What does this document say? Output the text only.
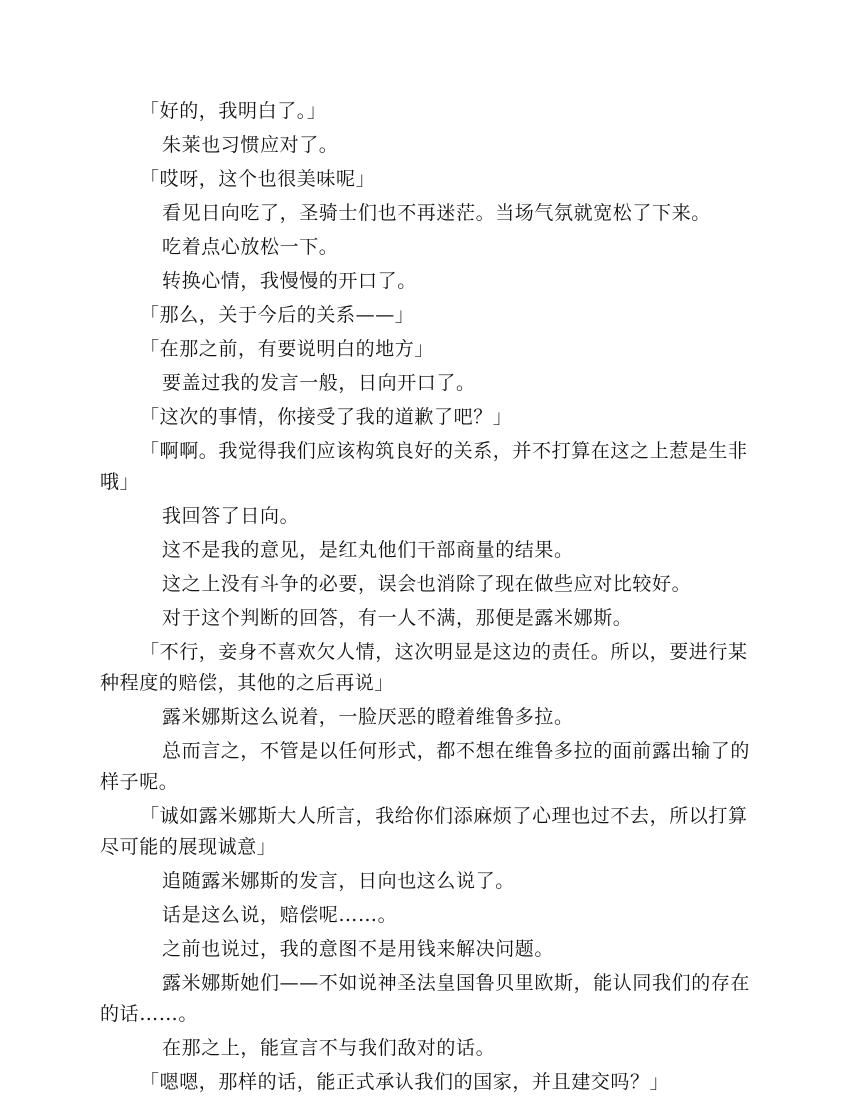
「好的，我明白了。」

朱莱也习惯应对了。

「哎呀，这个也很美味呢」

看见日向吃了，圣骑士们也不再迷茫。当场气氛就宽松了下来。

吃着点心放松一下。

转换心情，我慢慢的开口了。

「那么，关于今后的关系——」

「在那之前，有要说明白的地方」

要盖过我的发言一般，日向开口了。

「这次的事情，你接受了我的道歉了吧？」

「啊啊。我觉得我们应该构筑良好的关系，并不打算在这之上惹是生非哦」

我回答了日向。

这不是我的意见，是红丸他们干部商量的结果。

这之上没有斗争的必要，误会也消除了现在做些应对比较好。

对于这个判断的回答，有一人不满，那便是露米娜斯。

「不行，妾身不喜欢欠人情，这次明显是这边的责任。所以，要进行某种程度的赔偿，其他的之后再说」

露米娜斯这么说着，一脸厌恶的瞪着维鲁多拉。

总而言之，不管是以任何形式，都不想在维鲁多拉的面前露出输了的样子呢。

「诚如露米娜斯大人所言，我给你们添麻烦了心理也过不去，所以打算尽可能的展现诚意」

追随露米娜斯的发言，日向也这么说了。

话是这么说，赔偿呢……。

之前也说过，我的意图不是用钱来解决问题。

露米娜斯她们——不如说神圣法皇国鲁贝里欧斯，能认同我们的存在的话……。

在那之上，能宣言不与我们敌对的话。

「嗯嗯，那样的话，能正式承认我们的国家，并且建交吗？」
